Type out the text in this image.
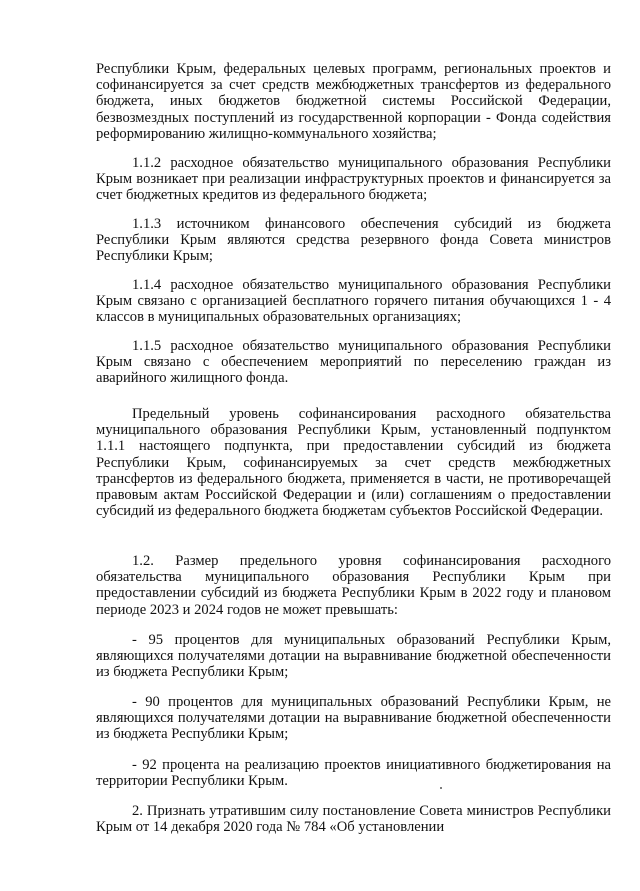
Республики Крым, федеральных целевых программ, региональных проектов и софинансируется за счет средств межбюджетных трансфертов из федерального бюджета, иных бюджетов бюджетной системы Российской Федерации, безвозмездных поступлений из государственной корпорации - Фонда содействия реформированию жилищно-коммунального хозяйства;

1.1.2 расходное обязательство муниципального образования Республики Крым возникает при реализации инфраструктурных проектов и финансируется за счет бюджетных кредитов из федерального бюджета;

1.1.3 источником финансового обеспечения субсидий из бюджета Республики Крым являются средства резервного фонда Совета министров Республики Крым;

1.1.4 расходное обязательство муниципального образования Республики Крым связано с организацией бесплатного горячего питания обучающихся 1 - 4 классов в муниципальных образовательных организациях;

1.1.5 расходное обязательство муниципального образования Республики Крым связано с обеспечением мероприятий по переселению граждан из аварийного жилищного фонда.

Предельный уровень софинансирования расходного обязательства муниципального образования Республики Крым, установленный подпунктом 1.1.1 настоящего подпункта, при предоставлении субсидий из бюджета Республики Крым, софинансируемых за счет средств межбюджетных трансфертов из федерального бюджета, применяется в части, не противоречащей правовым актам Российской Федерации и (или) соглашениям о предоставлении субсидий из федерального бюджета бюджетам субъектов Российской Федерации.

1.2. Размер предельного уровня софинансирования расходного обязательства муниципального образования Республики Крым при предоставлении субсидий из бюджета Республики Крым в 2022 году и плановом периоде 2023 и 2024 годов не может превышать:

- 95 процентов для муниципальных образований Республики Крым, являющихся получателями дотации на выравнивание бюджетной обеспеченности из бюджета Республики Крым;

- 90 процентов для муниципальных образований Республики Крым, не являющихся получателями дотации на выравнивание бюджетной обеспеченности из бюджета Республики Крым;

- 92 процента на реализацию проектов инициативного бюджетирования на территории Республики Крым.

2. Признать утратившим силу постановление Совета министров Республики Крым от 14 декабря 2020 года № 784 «Об установлении
